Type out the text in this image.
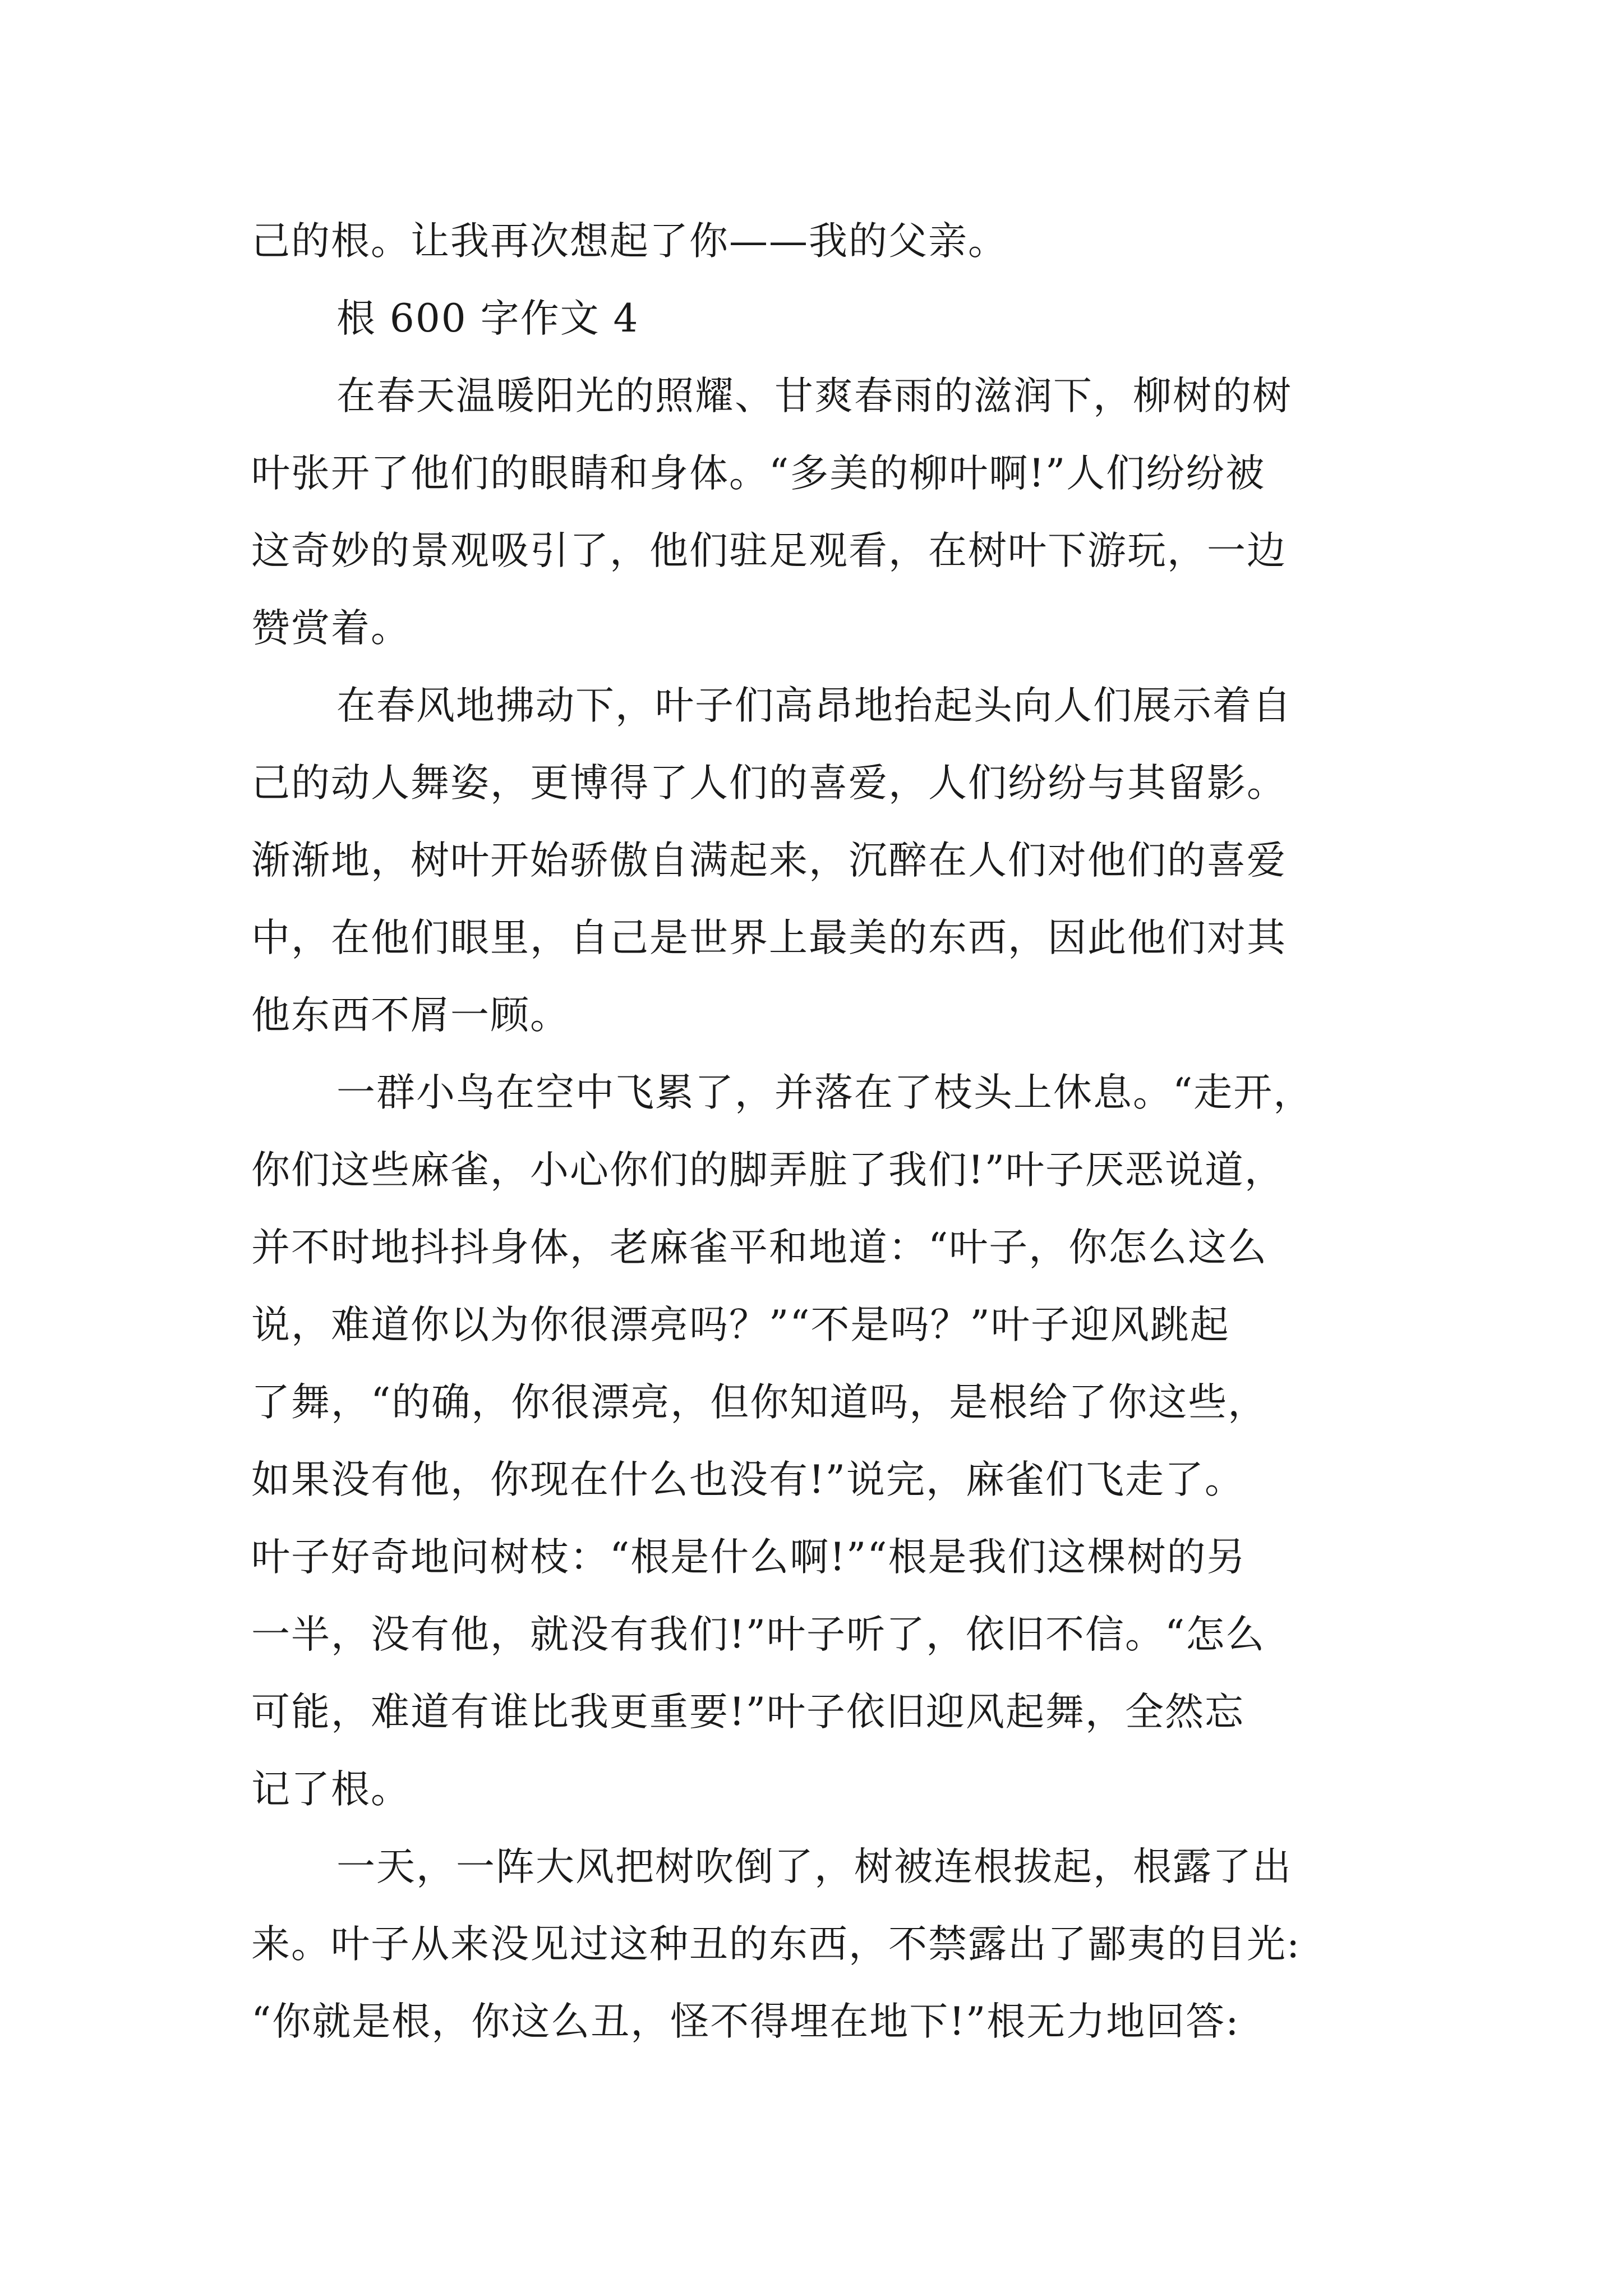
己的根。让我再次想起了你——我的父亲。
根 600 字作文 4
在春天温暖阳光的照耀、甘爽春雨的滋润下，柳树的树
叶张开了他们的眼睛和身体。“多美的柳叶啊!”人们纷纷被
这奇妙的景观吸引了，他们驻足观看，在树叶下游玩，一边
赞赏着。
在春风地拂动下，叶子们高昂地抬起头向人们展示着自
己的动人舞姿，更博得了人们的喜爱，人们纷纷与其留影。
渐渐地，树叶开始骄傲自满起来，沉醉在人们对他们的喜爱
中，在他们眼里，自己是世界上最美的东西，因此他们对其
他东西不屑一顾。
一群小鸟在空中飞累了，并落在了枝头上休息。“走开，
你们这些麻雀，小心你们的脚弄脏了我们!”叶子厌恶说道，
并不时地抖抖身体，老麻雀平和地道：“叶子，你怎么这么
说，难道你以为你很漂亮吗？”“不是吗？”叶子迎风跳起
了舞，“的确，你很漂亮，但你知道吗，是根给了你这些，
如果没有他，你现在什么也没有!”说完，麻雀们飞走了。
叶子好奇地问树枝：“根是什么啊!”“根是我们这棵树的另
一半，没有他，就没有我们!”叶子听了，依旧不信。“怎么
可能，难道有谁比我更重要!”叶子依旧迎风起舞，全然忘
记了根。
一天，一阵大风把树吹倒了，树被连根拔起，根露了出
来。叶子从来没见过这种丑的东西，不禁露出了鄙夷的目光:
“你就是根，你这么丑，怪不得埋在地下!”根无力地回答:
